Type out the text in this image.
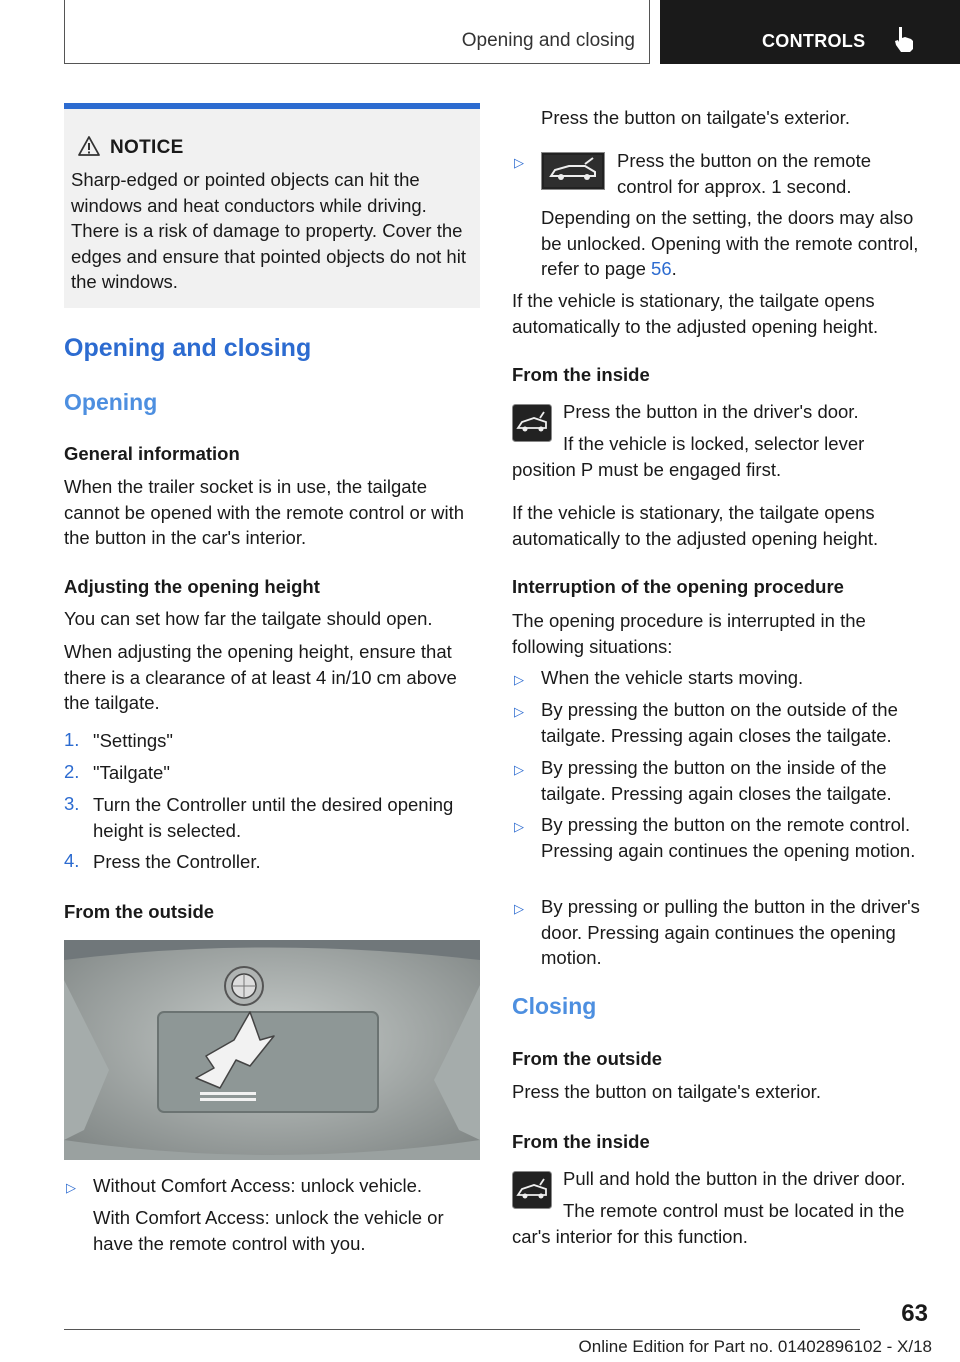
Opening and closing	CONTROLS
NOTICE
Sharp-edged or pointed objects can hit the windows and heat conductors while driving. There is a risk of damage to property. Cover the edges and ensure that pointed objects do not hit the windows.
Opening and closing
Opening
General information
When the trailer socket is in use, the tailgate cannot be opened with the remote control or with the button in the car's interior.
Adjusting the opening height
You can set how far the tailgate should open.
When adjusting the opening height, ensure that there is a clearance of at least 4 in/10 cm above the tailgate.
1. "Settings"
2. "Tailgate"
3. Turn the Controller until the desired opening height is selected.
4. Press the Controller.
From the outside
▷ Without Comfort Access: unlock vehicle.
With Comfort Access: unlock the vehicle or have the remote control with you.
Press the button on tailgate's exterior.
▷	Press the button on the remote control for approx. 1 second.
Depending on the setting, the doors may also be unlocked. Opening with the remote control, refer to page 56.
If the vehicle is stationary, the tailgate opens automatically to the adjusted opening height.
From the inside
Press the button in the driver's door.
If the vehicle is locked, selector lever position P must be engaged first.
If the vehicle is stationary, the tailgate opens automatically to the adjusted opening height.
Interruption of the opening procedure
The opening procedure is interrupted in the following situations:
▷ When the vehicle starts moving.
▷ By pressing the button on the outside of the tailgate. Pressing again closes the tailgate.
▷ By pressing the button on the inside of the tailgate. Pressing again closes the tailgate.
▷ By pressing the button on the remote control. Pressing again continues the opening motion.
▷ By pressing or pulling the button in the driver's door. Pressing again continues the opening motion.
Closing
From the outside
Press the button on tailgate's exterior.
From the inside
Pull and hold the button in the driver door.
The remote control must be located in the car's interior for this function.
63
Online Edition for Part no. 01402896102 - X/18
